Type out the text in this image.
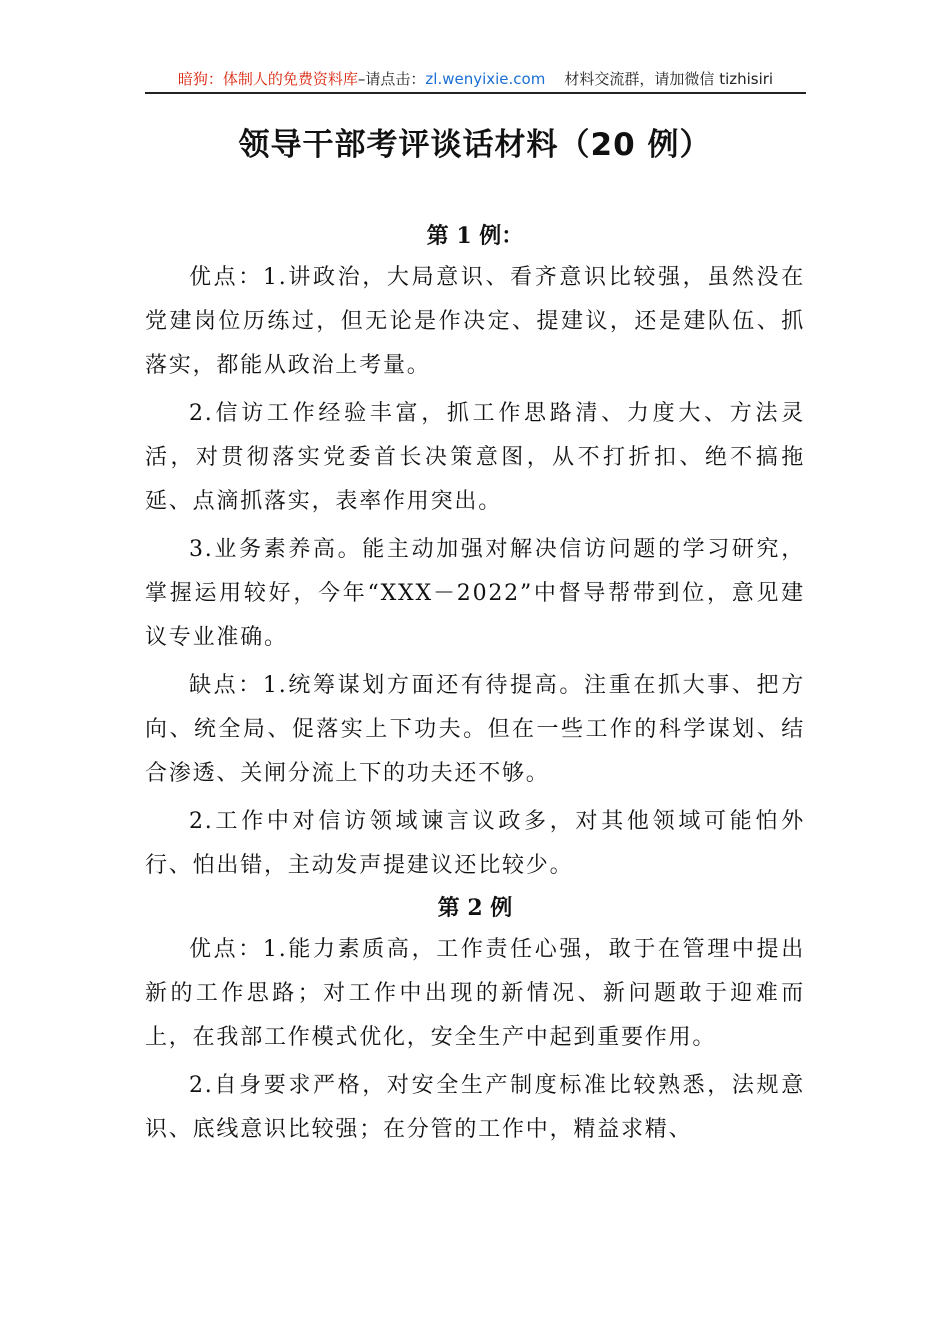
暗狗：体制人的免费资料库–请点击：zl.wenyixie.com 材料交流群，请加微信 tizhisiri
领导干部考评谈话材料（20 例）
第 1 例：

优点：1.讲政治，大局意识、看齐意识比较强，虽然没在党建岗位历练过，但无论是作决定、提建议，还是建队伍、抓落实，都能从政治上考量。

2.信访工作经验丰富，抓工作思路清、力度大、方法灵活，对贯彻落实党委首长决策意图，从不打折扣、绝不搞拖延、点滴抓落实，表率作用突出。

3.业务素养高。能主动加强对解决信访问题的学习研究，掌握运用较好，今年“XXX－2022”中督导帮带到位，意见建议专业准确。

缺点：1.统筹谋划方面还有待提高。注重在抓大事、把方向、统全局、促落实上下功夫。但在一些工作的科学谋划、结合渗透、关闸分流上下的功夫还不够。

2.工作中对信访领域谏言议政多，对其他领域可能怕外行、怕出错，主动发声提建议还比较少。

第 2 例

优点：1.能力素质高，工作责任心强，敢于在管理中提出新的工作思路；对工作中出现的新情况、新问题敢于迎难而上，在我部工作模式优化，安全生产中起到重要作用。

2.自身要求严格，对安全生产制度标准比较熟悉，法规意识、底线意识比较强；在分管的工作中，精益求精、
